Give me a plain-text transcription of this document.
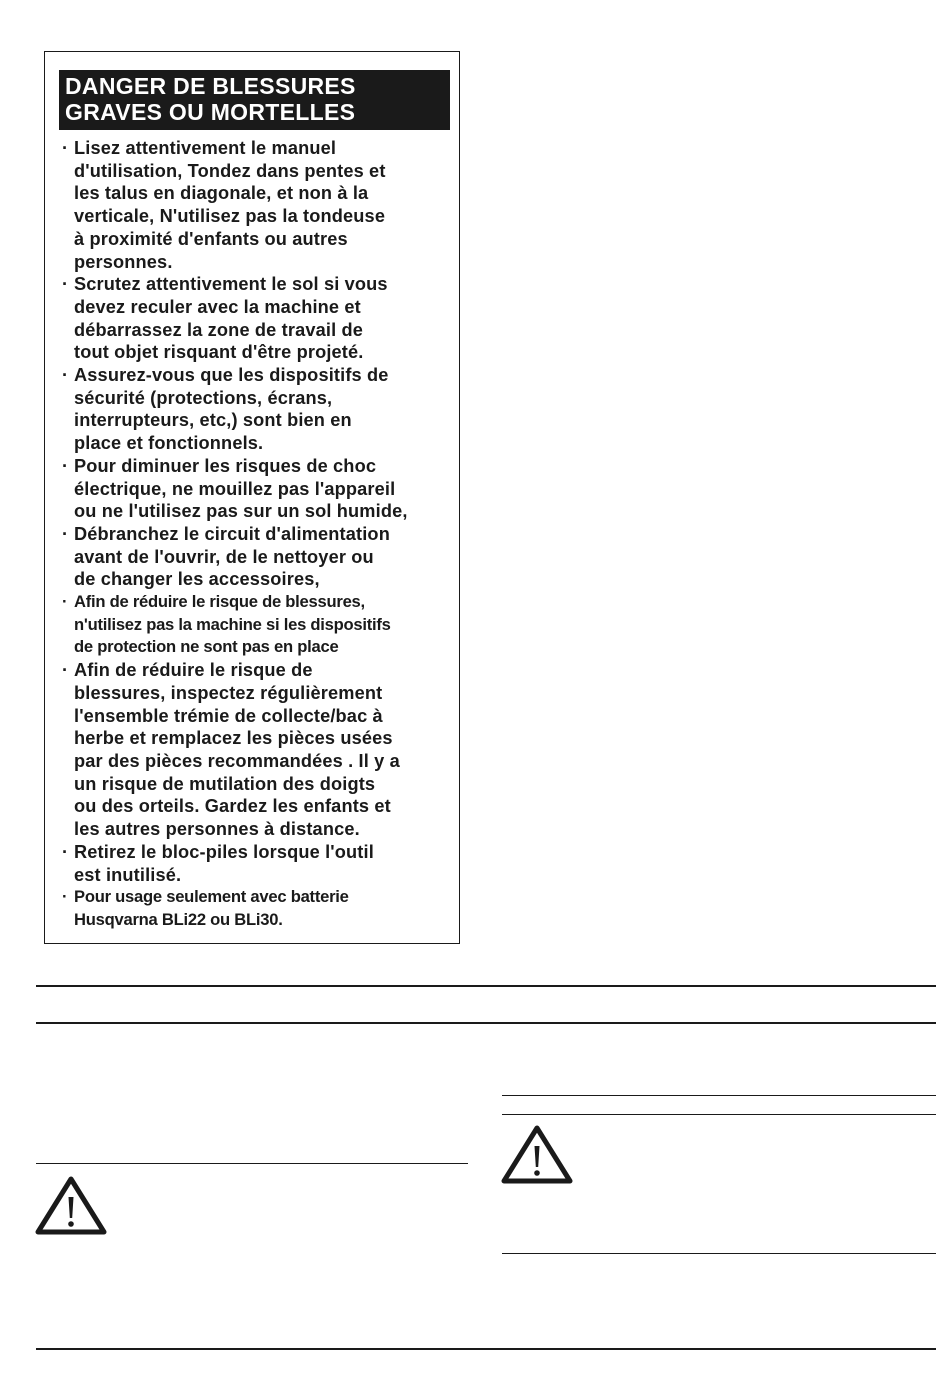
DANGER DE BLESSURES
GRAVES OU MORTELLES
· Lisez attentivement le manuel
d'utilisation, Tondez dans pentes et
les talus en diagonale, et non à la
verticale, N'utilisez pas la tondeuse
à proximité d'enfants ou autres
personnes.
· Scrutez attentivement le sol si vous
devez reculer avec la machine et
débarrassez la zone de travail de
tout objet risquant d'être projeté.
· Assurez-vous que les dispositifs de
sécurité (protections, écrans,
interrupteurs, etc,) sont bien en
place et fonctionnels.
· Pour diminuer les risques de choc
électrique, ne mouillez pas l'appareil
ou ne l'utilisez pas sur un sol humide,
· Débranchez le circuit d'alimentation
avant de l'ouvrir, de le nettoyer ou
de changer les accessoires,
· Afin de réduire le risque de blessures,
n'utilisez pas la machine si les dispositifs
de protection ne sont pas en place
· Afin de réduire le risque de
blessures, inspectez régulièrement
l'ensemble trémie de collecte/bac à
herbe et remplacez les pièces usées
par des pièces recommandées . Il y a
un risque de mutilation des doigts
ou des orteils. Gardez les enfants et
les autres personnes à distance.
· Retirez le bloc-piles lorsque l'outil
est inutilisé.
· Pour usage seulement avec batterie
Husqvarna BLi22 ou BLi30.
